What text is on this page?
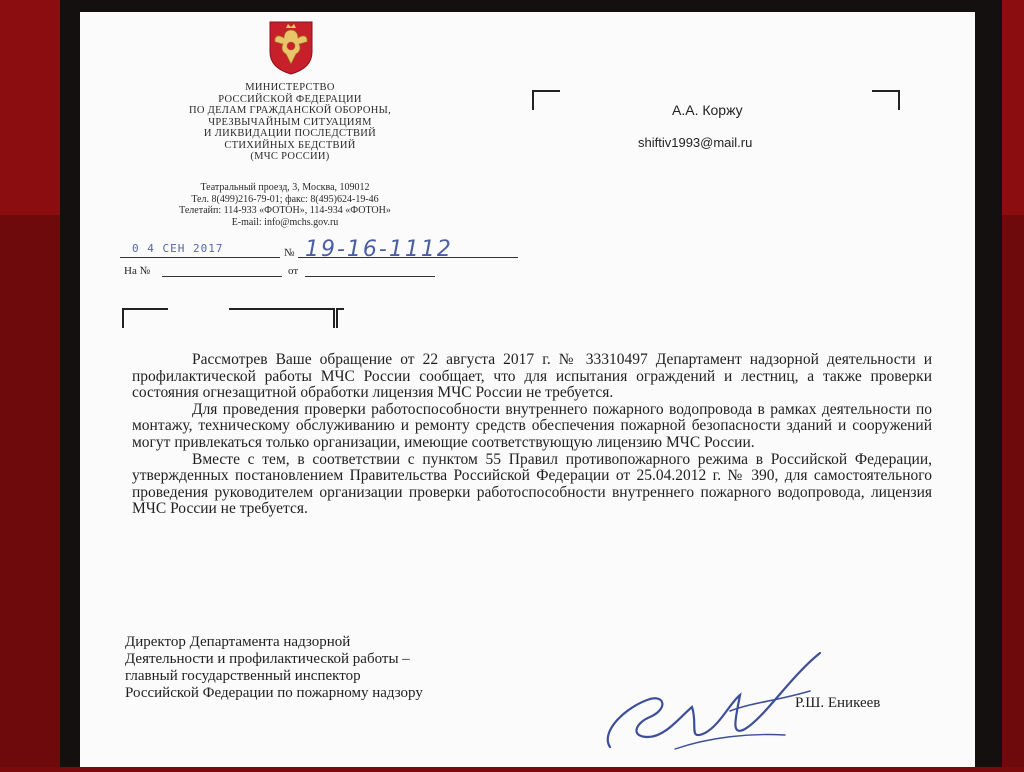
МИНИСТЕРСТВО
РОССИЙСКОЙ ФЕДЕРАЦИИ
ПО ДЕЛАМ ГРАЖДАНСКОЙ ОБОРОНЫ,
ЧРЕЗВЫЧАЙНЫМ СИТУАЦИЯМ
И ЛИКВИДАЦИИ ПОСЛЕДСТВИЙ
СТИХИЙНЫХ БЕДСТВИЙ
(МЧС РОССИИ)
Театральный проезд, 3, Москва, 109012
Тел. 8(499)216-79-01; факс: 8(495)624-19-46
Телетайп: 114-933 «ФОТОН», 114-934 «ФОТОН»
E-mail: info@mchs.gov.ru
0 4 СЕН 2017	№ 19-16-1112
На №	от
А.А. Коржу
shiftiv1993@mail.ru

Рассмотрев Ваше обращение от 22 августа 2017 г. № 33310497 Департамент надзорной деятельности и профилактической работы МЧС России сообщает, что для испытания ограждений и лестниц, а также проверки состояния огнезащитной обработки лицензия МЧС России не требуется.

Для проведения проверки работоспособности внутреннего пожарного водопровода в рамках деятельности по монтажу, техническому обслуживанию и ремонту средств обеспечения пожарной безопасности зданий и сооружений могут привлекаться только организации, имеющие соответствующую лицензию МЧС России.

Вместе с тем, в соответствии с пунктом 55 Правил противопожарного режима в Российской Федерации, утвержденных постановлением Правительства Российской Федерации от 25.04.2012 г. № 390, для самостоятельного проведения руководителем организации проверки работоспособности внутреннего пожарного водопровода, лицензия МЧС России не требуется.

Директор Департамента надзорной
Деятельности и профилактической работы –
главный государственный инспектор
Российской Федерации по пожарному надзору
Р.Ш. Еникеев
